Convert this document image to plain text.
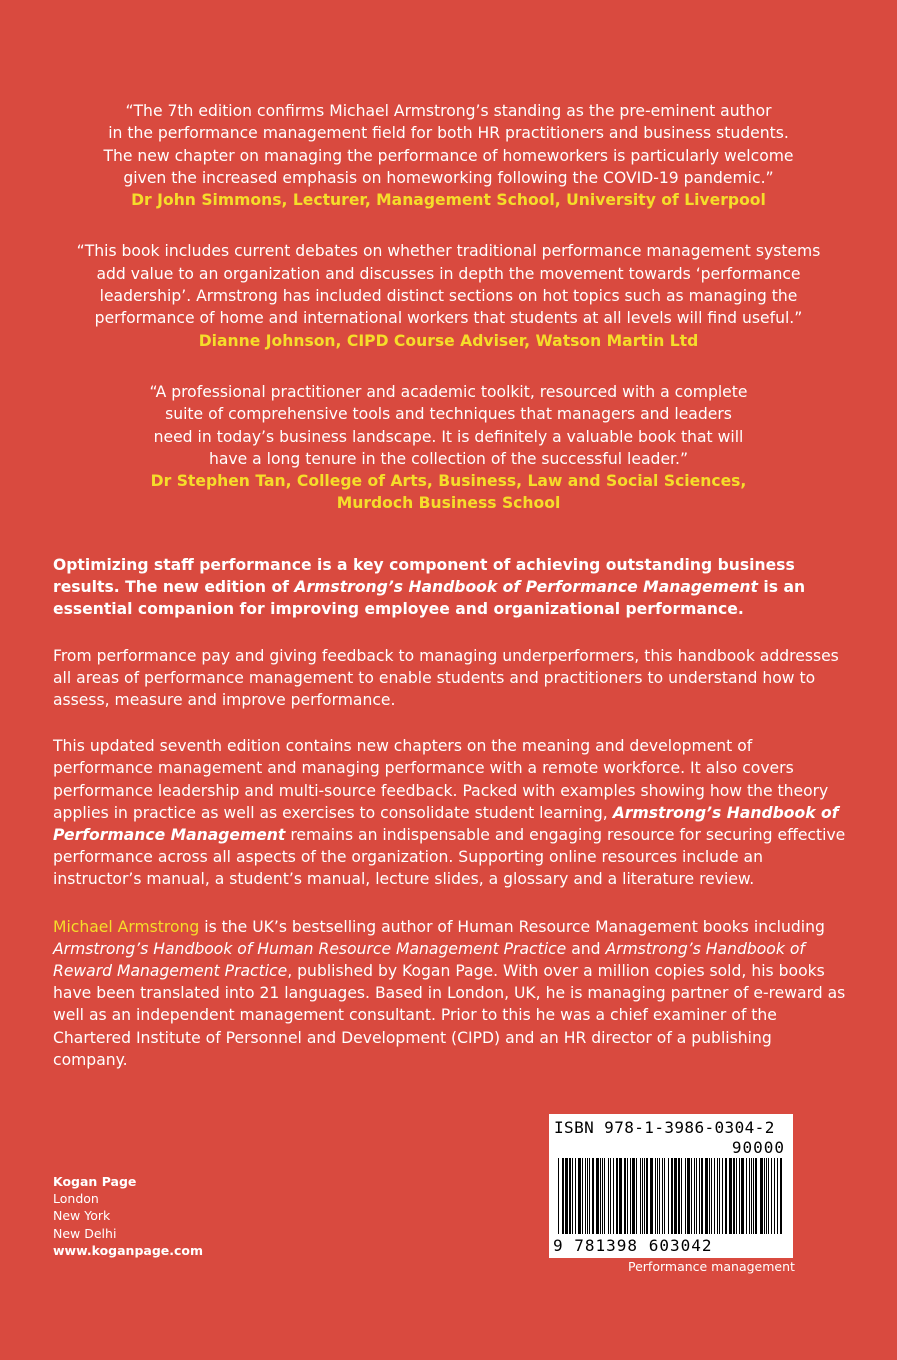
“The 7th edition confirms Michael Armstrong’s standing as the pre-eminent author
in the performance management field for both HR practitioners and business students.
The new chapter on managing the performance of homeworkers is particularly welcome
given the increased emphasis on homeworking following the COVID-19 pandemic.”
Dr John Simmons, Lecturer, Management School, University of Liverpool
“This book includes current debates on whether traditional performance management systems
add value to an organization and discusses in depth the movement towards ‘performance
leadership’. Armstrong has included distinct sections on hot topics such as managing the
performance of home and international workers that students at all levels will find useful.”
Dianne Johnson, CIPD Course Adviser, Watson Martin Ltd
“A professional practitioner and academic toolkit, resourced with a complete
suite of comprehensive tools and techniques that managers and leaders
need in today’s business landscape. It is definitely a valuable book that will
have a long tenure in the collection of the successful leader.”
Dr Stephen Tan, College of Arts, Business, Law and Social Sciences,
Murdoch Business School

Optimizing staff performance is a key component of achieving outstanding business results. The new edition of Armstrong’s Handbook of Performance Management is an essential companion for improving employee and organizational performance.

From performance pay and giving feedback to managing underperformers, this handbook addresses all areas of performance management to enable students and practitioners to understand how to assess, measure and improve performance.

This updated seventh edition contains new chapters on the meaning and development of performance management and managing performance with a remote workforce. It also covers performance leadership and multi-source feedback. Packed with examples showing how the theory applies in practice as well as exercises to consolidate student learning, Armstrong’s Handbook of Performance Management remains an indispensable and engaging resource for securing effective performance across all aspects of the organization. Supporting online resources include an instructor’s manual, a student’s manual, lecture slides, a glossary and a literature review.

Michael Armstrong is the UK’s bestselling author of Human Resource Management books including Armstrong’s Handbook of Human Resource Management Practice and Armstrong’s Handbook of Reward Management Practice, published by Kogan Page. With over a million copies sold, his books have been translated into 21 languages. Based in London, UK, he is managing partner of e-reward as well as an independent management consultant. Prior to this he was a chief examiner of the Chartered Institute of Personnel and Development (CIPD) and an HR director of a publishing company.

Kogan Page
London
New York
New Delhi
www.koganpage.com
ISBN 978-1-3986-0304-2
90000
9 781398 603042
Performance management
